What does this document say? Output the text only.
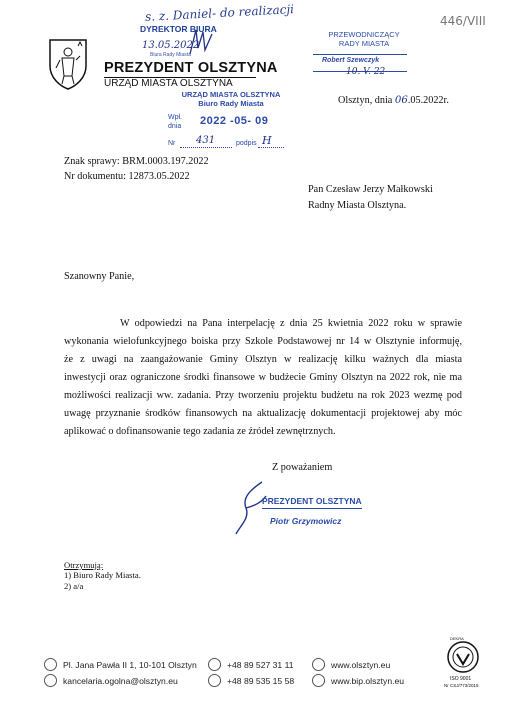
s. z. Daniel- do realizacji	446/VIII
DYREKTOR BIURA
13.05.2022
Biura Rady Miasta
PRZEWODNICZĄCY
RADY MIASTA
Robert Szewczyk
10. V. 22
PREZYDENT OLSZTYNA
URZĄD MIASTA OLSZTYNA
URZĄD MIASTA OLSZTYNA
Biuro Rady Miasta
Wpł.
dnia 2022 -05- 09
Nr 431	podpis H
Olsztyn, dnia 06.05.2022r.
Znak sprawy: BRM.0003.197.2022
Nr dokumentu: 12873.05.2022
Pan Czesław Jerzy Małkowski
Radny Miasta Olsztyna.
Szanowny Panie,
W odpowiedzi na Pana interpelację z dnia 25 kwietnia 2022 roku w sprawie
wykonania wielofunkcyjnego boiska przy Szkole Podstawowej nr 14 w Olsztynie informuję,
że z uwagi na zaangażowanie Gminy Olsztyn w realizację kilku ważnych dla miasta
inwestycji oraz ograniczone środki finansowe w budżecie Gminy Olsztyn na 2022 rok, nie ma
możliwości realizacji ww. zadania. Przy tworzeniu projektu budżetu na rok 2023 wezmę pod
uwagę przyznanie środków finansowych na aktualizację dokumentacji projektowej aby móc
aplikować o dofinansowanie tego zadania ze źródeł zewnętrznych.
Z poważaniem
PREZYDENT OLSZTYNA
Piotr Grzymowicz
Otrzymują:
1) Biuro Rady Miasta.
2) a/a
Pl. Jana Pawła II 1, 10-101 Olsztyn
kancelaria.ogolna@olsztyn.eu
+48 89 527 31 11
+48 89 535 15 58
www.olsztyn.eu
www.bip.olsztyn.eu
DEKRA
ISO 9001
Nr CSJ/773/2015
